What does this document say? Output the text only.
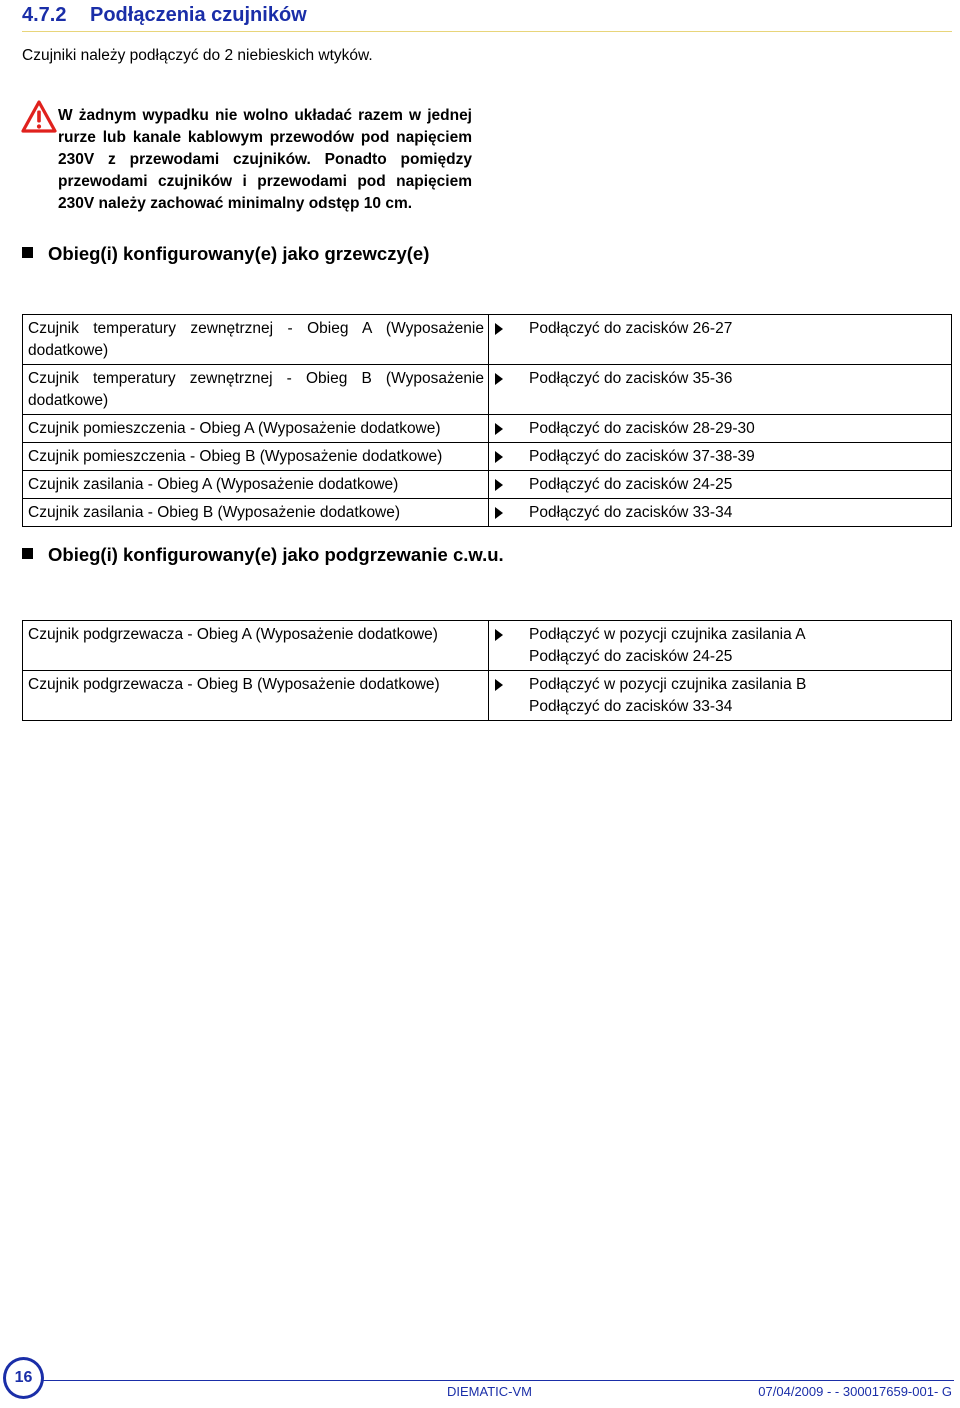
4.7.2 Podłączenia czujników
Czujniki należy podłączyć do 2 niebieskich wtyków.
W żadnym wypadku nie wolno układać razem w jednej rurze lub kanale kablowym przewodów pod napięciem 230V z przewodami czujników. Ponadto pomiędzy przewodami czujników i przewodami pod napięciem 230V należy zachować minimalny odstęp 10 cm.
Obieg(i) konfigurowany(e) jako grzewczy(e)
Czujnik temperatury zewnętrznej - Obieg A (Wyposażenie dodatkowe)	Podłączyć do zacisków 26-27
Czujnik temperatury zewnętrznej - Obieg B (Wyposażenie dodatkowe)	Podłączyć do zacisków 35-36
Czujnik pomieszczenia - Obieg A (Wyposażenie dodatkowe)	Podłączyć do zacisków 28-29-30
Czujnik pomieszczenia - Obieg B (Wyposażenie dodatkowe)	Podłączyć do zacisków 37-38-39
Czujnik zasilania - Obieg A (Wyposażenie dodatkowe)	Podłączyć do zacisków 24-25
Czujnik zasilania - Obieg B (Wyposażenie dodatkowe)	Podłączyć do zacisków 33-34
Obieg(i) konfigurowany(e) jako podgrzewanie c.w.u.
Czujnik podgrzewacza - Obieg A (Wyposażenie dodatkowe)	Podłączyć w pozycji czujnika zasilania A
Podłączyć do zacisków 24-25

Czujnik podgrzewacza - Obieg B (Wyposażenie dodatkowe)	Podłączyć w pozycji czujnika zasilania B
Podłączyć do zacisków 33-34
16
DIEMATIC-VM	07/04/2009 - - 300017659-001- G
